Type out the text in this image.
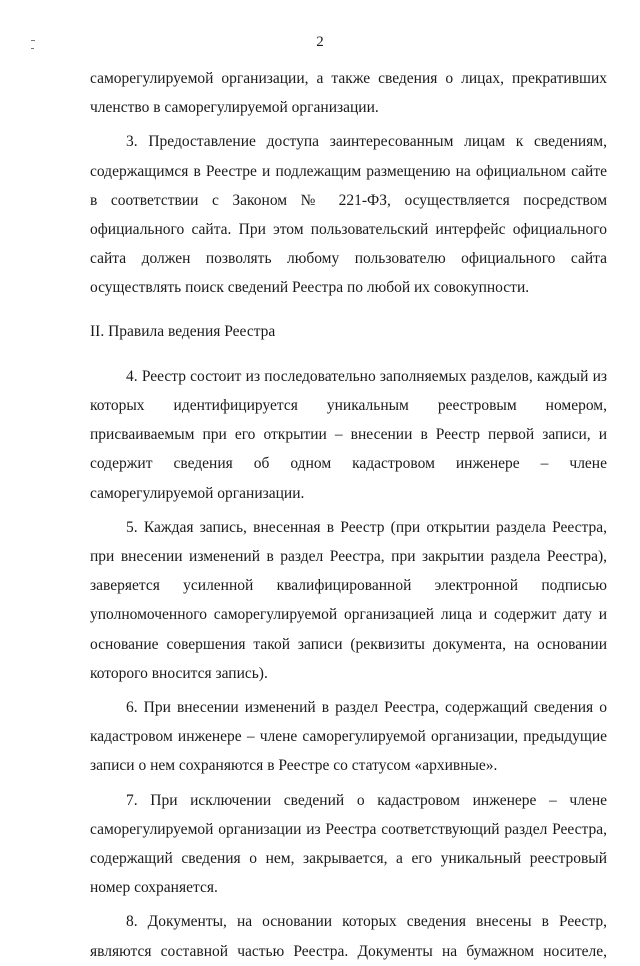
2

саморегулируемой организации, а также сведения о лицах, прекративших членство в саморегулируемой организации.

3. Предоставление доступа заинтересованным лицам к сведениям, содержащимся в Реестре и подлежащим размещению на официальном сайте в соответствии с Законом № 221-ФЗ, осуществляется посредством официального сайта. При этом пользовательский интерфейс официального сайта должен позволять любому пользователю официального сайта осуществлять поиск сведений Реестра по любой их совокупности.

II. Правила ведения Реестра

4. Реестр состоит из последовательно заполняемых разделов, каждый из которых идентифицируется уникальным реестровым номером, присваиваемым при его открытии – внесении в Реестр первой записи, и содержит сведения об одном кадастровом инженере – члене саморегулируемой организации.

5. Каждая запись, внесенная в Реестр (при открытии раздела Реестра, при внесении изменений в раздел Реестра, при закрытии раздела Реестра), заверяется усиленной квалифицированной электронной подписью уполномоченного саморегулируемой организацией лица и содержит дату и основание совершения такой записи (реквизиты документа, на основании которого вносится запись).

6. При внесении изменений в раздел Реестра, содержащий сведения о кадастровом инженере – члене саморегулируемой организации, предыдущие записи о нем сохраняются в Реестре со статусом «архивные».

7. При исключении сведений о кадастровом инженере – члене саморегулируемой организации из Реестра соответствующий раздел Реестра, содержащий сведения о нем, закрывается, а его уникальный реестровый номер сохраняется.

8. Документы, на основании которых сведения внесены в Реестр, являются составной частью Реестра. Документы на бумажном носителе,
